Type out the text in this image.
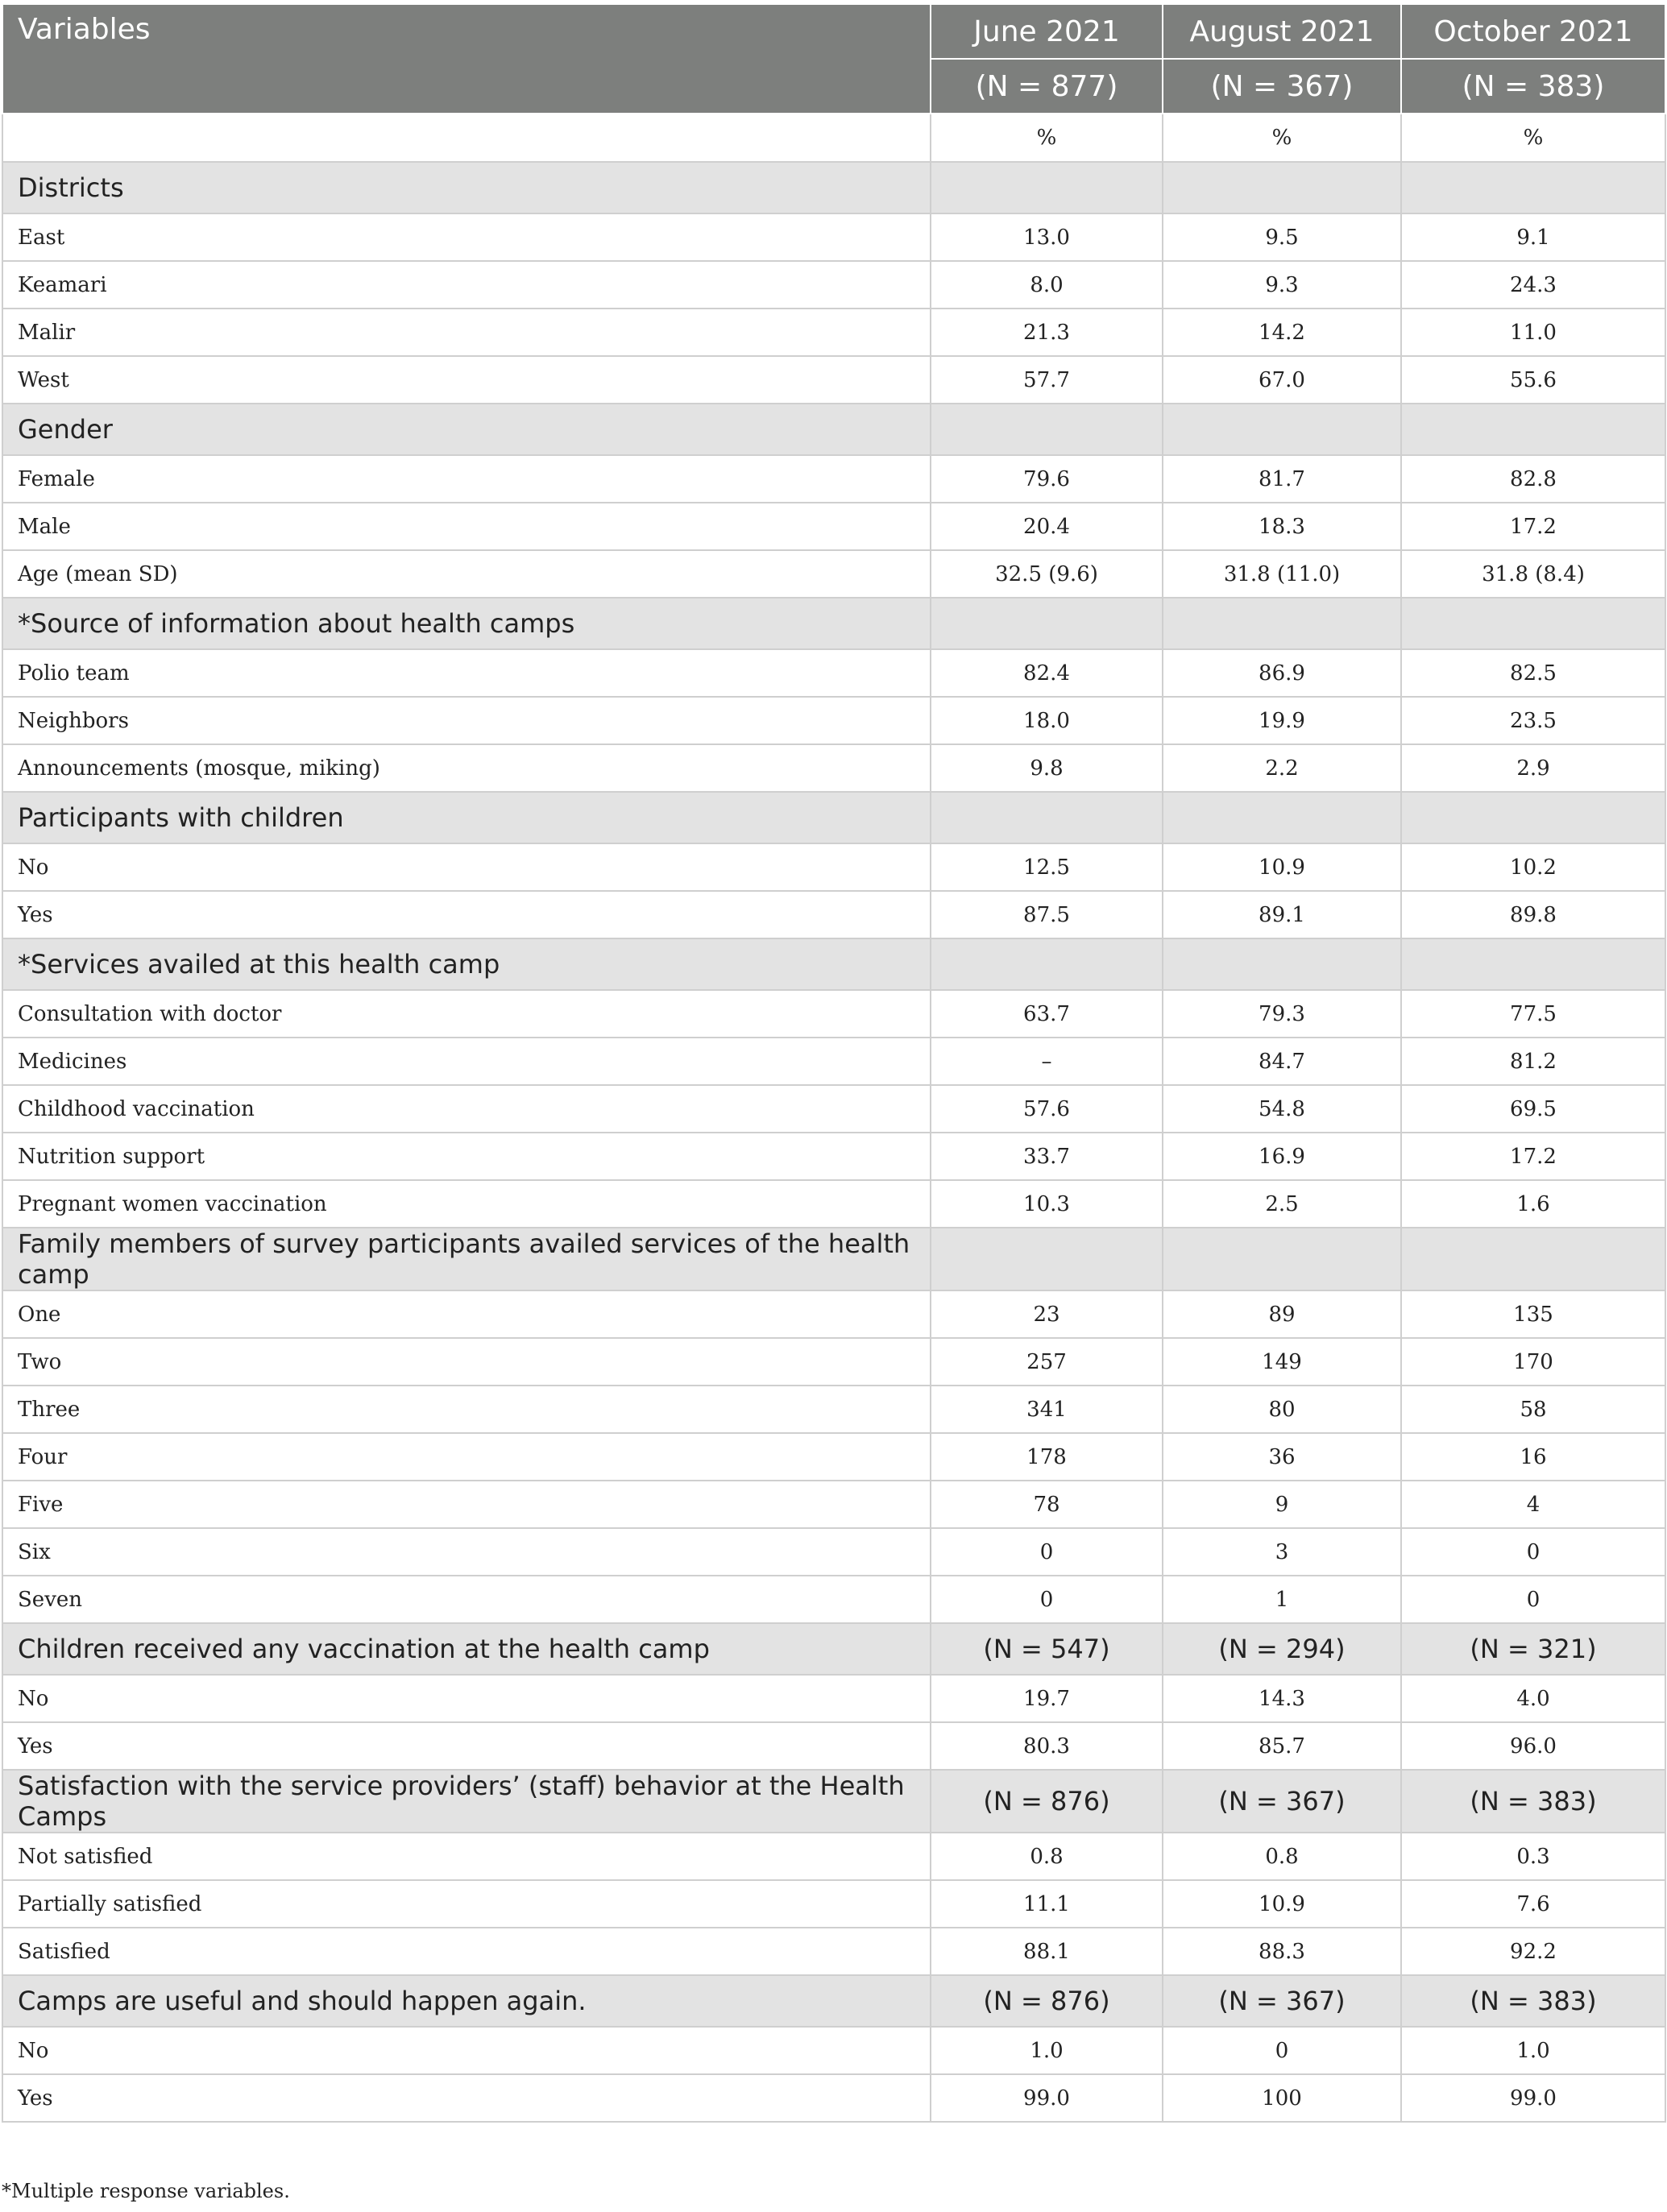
Variables	June 2021	August 2021	October 2021
	(N = 877)	(N = 367)	(N = 383)
	%	%	%
Districts			
East	13.0	9.5	9.1
Keamari	8.0	9.3	24.3
Malir	21.3	14.2	11.0
West	57.7	67.0	55.6
Gender			
Female	79.6	81.7	82.8
Male	20.4	18.3	17.2
Age (mean SD)	32.5 (9.6)	31.8 (11.0)	31.8 (8.4)
*Source of information about health camps			
Polio team	82.4	86.9	82.5
Neighbors	18.0	19.9	23.5
Announcements (mosque, miking)	9.8	2.2	2.9
Participants with children			
No	12.5	10.9	10.2
Yes	87.5	89.1	89.8
*Services availed at this health camp			
Consultation with doctor	63.7	79.3	77.5
Medicines	–	84.7	81.2
Childhood vaccination	57.6	54.8	69.5
Nutrition support	33.7	16.9	17.2
Pregnant women vaccination	10.3	2.5	1.6
Family members of survey participants availed services of the health camp			
One	23	89	135
Two	257	149	170
Three	341	80	58
Four	178	36	16
Five	78	9	4
Six	0	3	0
Seven	0	1	0
Children received any vaccination at the health camp	(N = 547)	(N = 294)	(N = 321)
No	19.7	14.3	4.0
Yes	80.3	85.7	96.0
Satisfaction with the service providers’ (staff) behavior at the Health Camps	(N = 876)	(N = 367)	(N = 383)
Not satisfied	0.8	0.8	0.3
Partially satisfied	11.1	10.9	7.6
Satisfied	88.1	88.3	92.2
Camps are useful and should happen again.	(N = 876)	(N = 367)	(N = 383)
No	1.0	0	1.0
Yes	99.0	100	99.0
*Multiple response variables.
